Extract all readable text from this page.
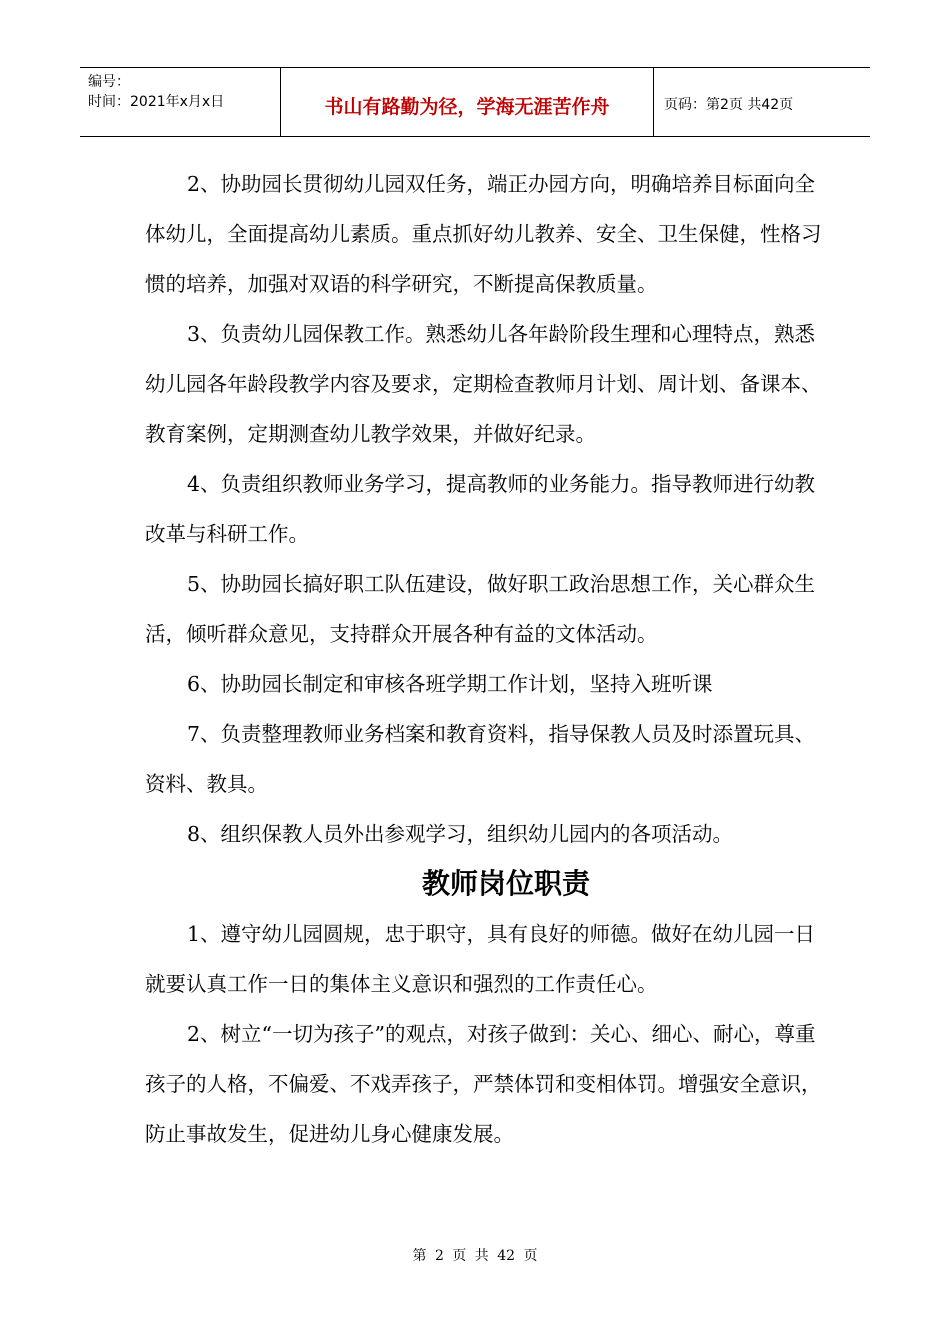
编号：
时间：2021年x月x日	书山有路勤为径，学海无涯苦作舟	页码：第2页 共42页

2、协助园长贯彻幼儿园双任务，端正办园方向，明确培养目标面向全体幼儿，全面提高幼儿素质。重点抓好幼儿教养、安全、卫生保健，性格习惯的培养，加强对双语的科学研究，不断提高保教质量。

3、负责幼儿园保教工作。熟悉幼儿各年龄阶段生理和心理特点，熟悉幼儿园各年龄段教学内容及要求，定期检查教师月计划、周计划、备课本、教育案例，定期测查幼儿教学效果，并做好纪录。

4、负责组织教师业务学习，提高教师的业务能力。指导教师进行幼教改革与科研工作。

5、协助园长搞好职工队伍建设，做好职工政治思想工作，关心群众生活，倾听群众意见，支持群众开展各种有益的文体活动。

6、协助园长制定和审核各班学期工作计划，坚持入班听课

7、负责整理教师业务档案和教育资料，指导保教人员及时添置玩具、资料、教具。

8、组织保教人员外出参观学习，组织幼儿园内的各项活动。

教师岗位职责

1、遵守幼儿园圆规，忠于职守，具有良好的师德。做好在幼儿园一日就要认真工作一日的集体主义意识和强烈的工作责任心。

2、树立“一切为孩子”的观点，对孩子做到：关心、细心、耐心，尊重孩子的人格，不偏爱、不戏弄孩子，严禁体罚和变相体罚。增强安全意识，防止事故发生，促进幼儿身心健康发展。

第 2 页 共 42 页
